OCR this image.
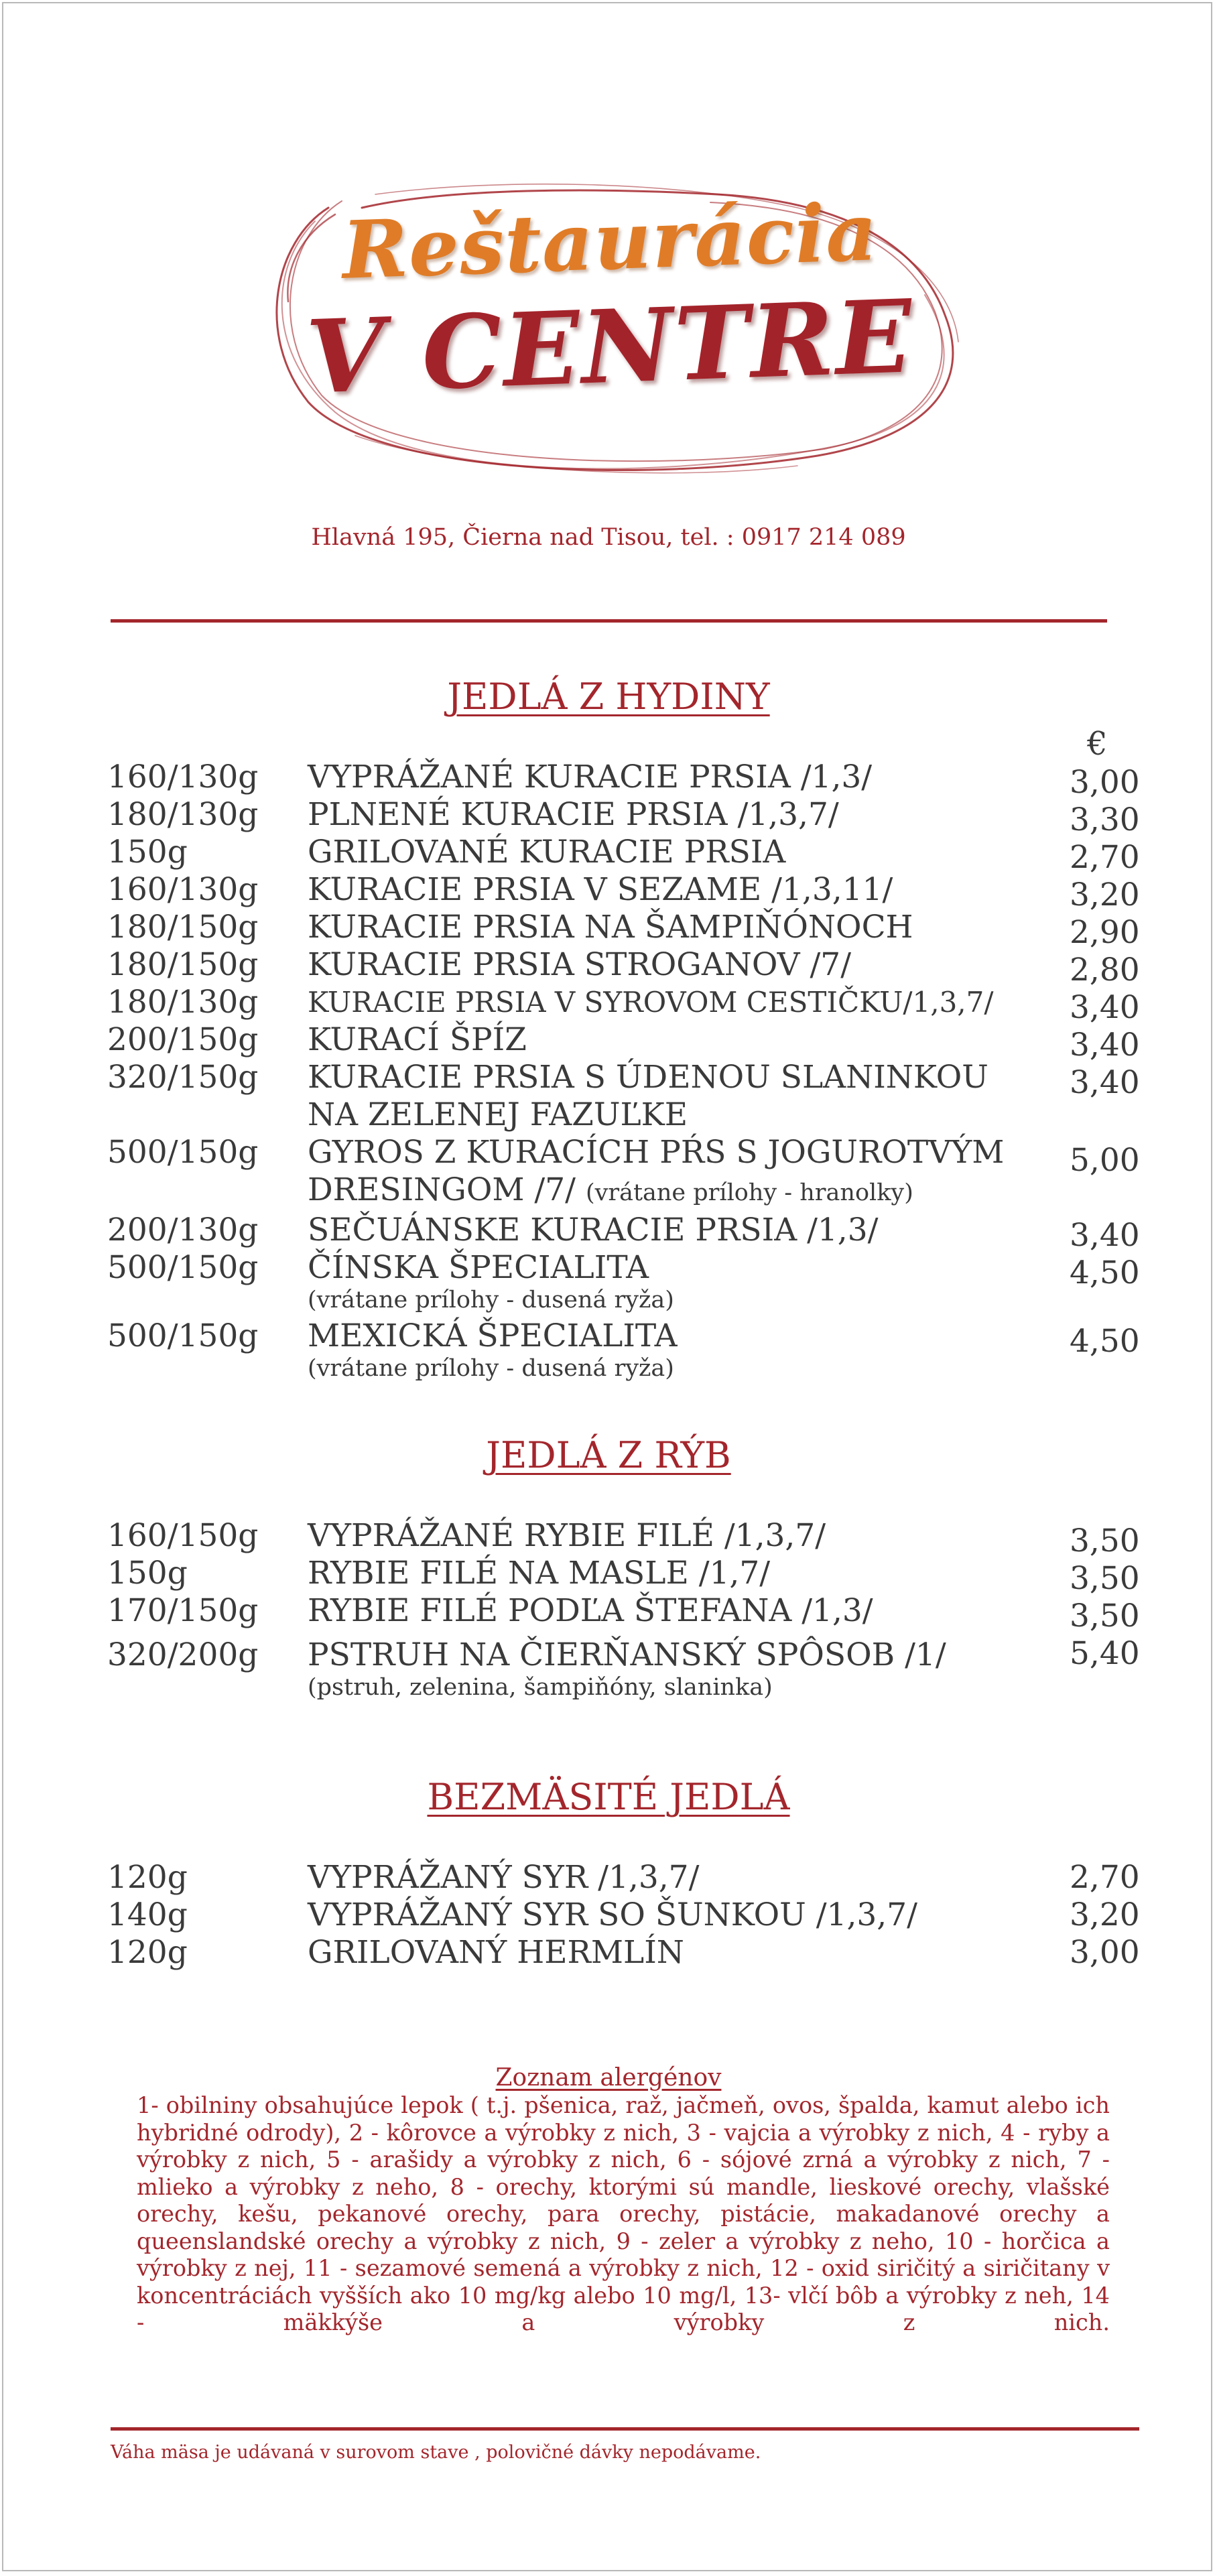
Reštaurácia
V CENTRE
Hlavná 195, Čierna nad Tisou, tel. : 0917 214 089
JEDLÁ Z HYDINY
€
160/130g VYPRÁŽANÉ KURACIE PRSIA /1,3/	3,00
180/130g PLNENÉ KURACIE PRSIA /1,3,7/	3,30
150g	GRILOVANÉ KURACIE PRSIA	2,70
160/130g KURACIE PRSIA V SEZAME /1,3,11/	3,20
180/150g KURACIE PRSIA NA ŠAMPIŇÓNOCH	2,90
180/150g KURACIE PRSIA STROGANOV /7/	2,80
180/130g KURACIE PRSIA V SYROVOM CESTIČKU/1,3,7/	3,40
200/150g KURACÍ ŠPÍZ	3,40
320/150g KURACIE PRSIA S ÚDENOU SLANINKOU
NA ZELENEJ FAZUĽKE
3,40
500/150g GYROS Z KURACÍCH PŔS S JOGUROTVÝM
DRESINGOM /7/ (vrátane prílohy - hranolky)
5,00
200/130g SEČUÁNSKE KURACIE PRSIA /1,3/	3,40
500/150g ČÍNSKA ŠPECIALITA
(vrátane prílohy - dusená ryža)
4,50
500/150g MEXICKÁ ŠPECIALITA
(vrátane prílohy - dusená ryža)
4,50
JEDLÁ Z RÝB
160/150g VYPRÁŽANÉ RYBIE FILÉ /1,3,7/	3,50
150g	RYBIE FILÉ NA MASLE /1,7/	3,50
170/150g RYBIE FILÉ PODĽA ŠTEFANA /1,3/	3,50
320/200g PSTRUH NA ČIERŇANSKÝ SPÔSOB /1/
(pstruh, zelenina, šampiňóny, slaninka)
5,40
BEZMÄSITÉ JEDLÁ
120g	VYPRÁŽANÝ SYR /1,3,7/	2,70
140g	VYPRÁŽANÝ SYR SO ŠUNKOU /1,3,7/	3,20
120g	GRILOVANÝ HERMLÍN	3,00
Zoznam alergénov
1- obilniny obsahujúce lepok ( t.j. pšenica, raž, jačmeň, ovos, špalda, kamut alebo ich hybridné odrody), 2 - kôrovce a výrobky z nich, 3 - vajcia a výrobky z nich, 4 - ryby a výrobky z nich, 5 - arašidy a výrobky z nich, 6 - sójové zrná a výrobky z nich, 7 - mlieko a výrobky z neho, 8 - orechy, ktorými sú mandle, lieskové orechy, vlašské orechy, kešu, pekanové orechy, para orechy, pistácie, makadanové orechy a queenslandské orechy a výrobky z nich, 9 - zeler a výrobky z neho, 10 - horčica a výrobky z nej, 11 - sezamové semená a výrobky z nich, 12 - oxid siričitý a siričitany v koncentráciách vyšších ako 10 mg/kg alebo 10 mg/l, 13- vlčí bôb a výrobky z neh, 14 - mäkkýše a výrobky z nich.
Váha mäsa je udávaná v surovom stave , polovičné dávky nepodávame.
